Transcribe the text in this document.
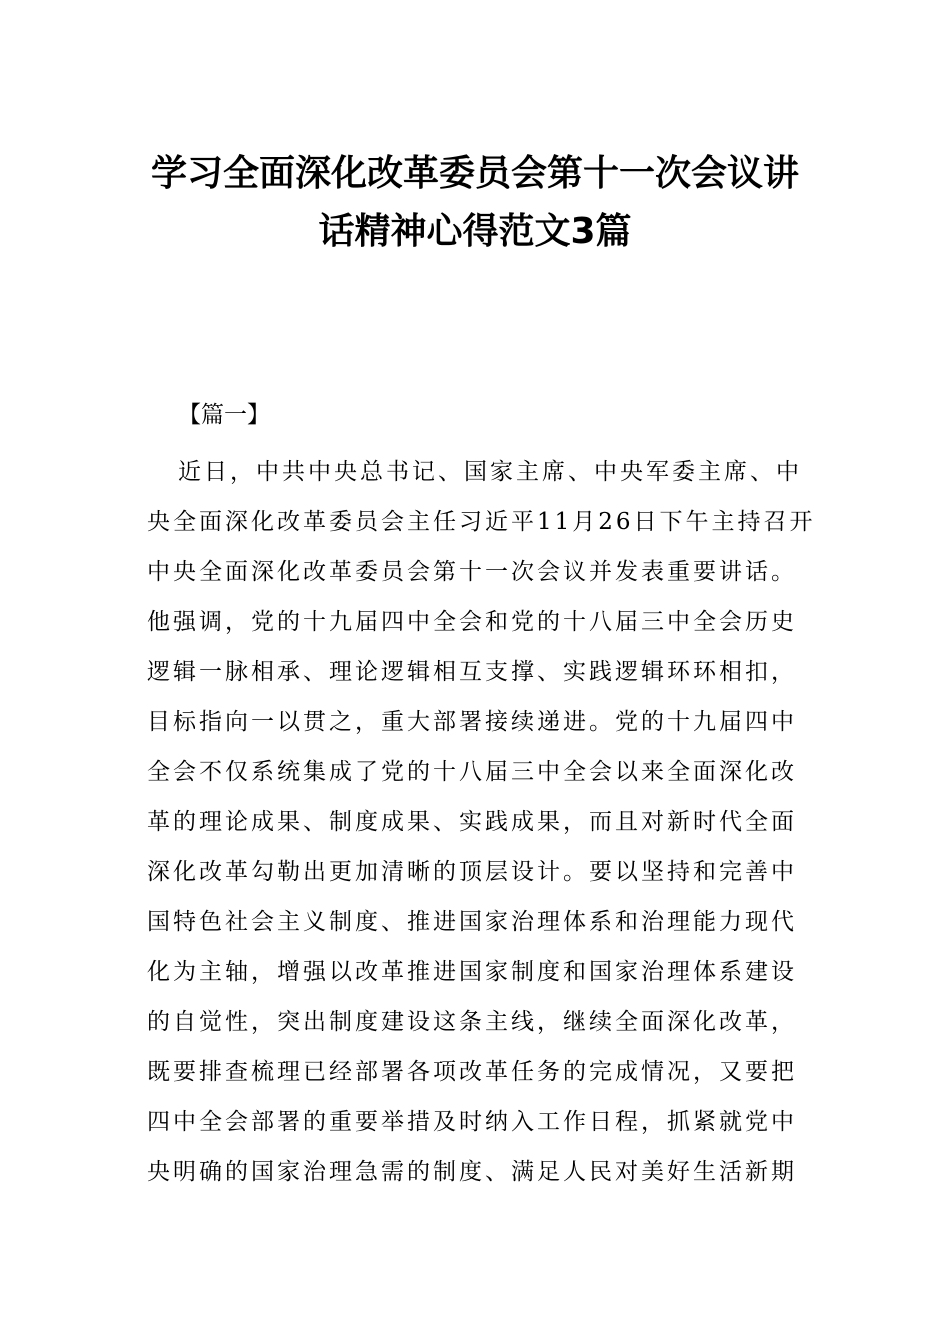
学习全面深化改革委员会第十一次会议讲
话精神心得范文3篇
【篇一】
近日，中共中央总书记、国家主席、中央军委主席、中
央全面深化改革委员会主任习近平11月26日下午主持召开
中央全面深化改革委员会第十一次会议并发表重要讲话。
他强调，党的十九届四中全会和党的十八届三中全会历史
逻辑一脉相承、理论逻辑相互支撑、实践逻辑环环相扣，
目标指向一以贯之，重大部署接续递进。党的十九届四中
全会不仅系统集成了党的十八届三中全会以来全面深化改
革的理论成果、制度成果、实践成果，而且对新时代全面
深化改革勾勒出更加清晰的顶层设计。要以坚持和完善中
国特色社会主义制度、推进国家治理体系和治理能力现代
化为主轴，增强以改革推进国家制度和国家治理体系建设
的自觉性，突出制度建设这条主线，继续全面深化改革，
既要排查梳理已经部署各项改革任务的完成情况，又要把
四中全会部署的重要举措及时纳入工作日程，抓紧就党中
央明确的国家治理急需的制度、满足人民对美好生活新期
